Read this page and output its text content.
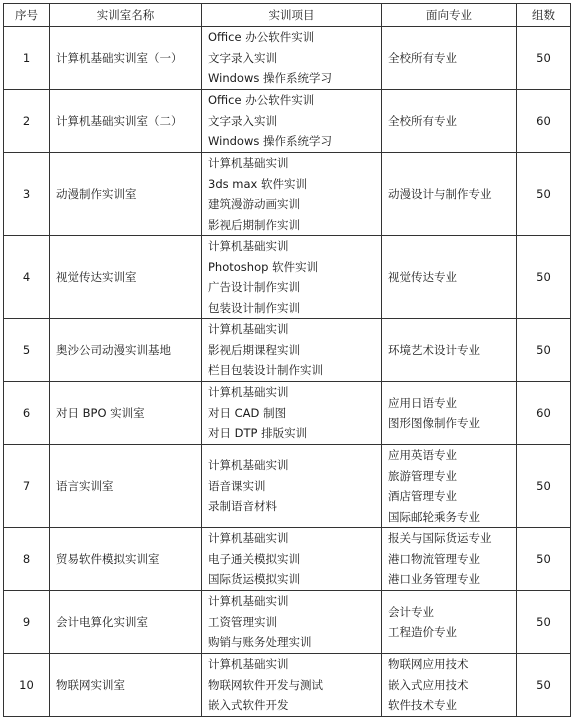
序号	实训室名称	实训项目	面向专业	组数
1	计算机基础实训室（一）	Office 办公软件实训
文字录入实训
Windows 操作系统学习	全校所有专业	50
2	计算机基础实训室（二）	Office 办公软件实训
文字录入实训
Windows 操作系统学习	全校所有专业	60
3	动漫制作实训室	计算机基础实训
3ds max 软件实训
建筑漫游动画实训
影视后期制作实训	动漫设计与制作专业	50
4	视觉传达实训室	计算机基础实训
Photoshop 软件实训
广告设计制作实训
包装设计制作实训	视觉传达专业	50
5	奥沙公司动漫实训基地	计算机基础实训
影视后期课程实训
栏目包装设计制作实训	环境艺术设计专业	50
6	对日 BPO 实训室	计算机基础实训
对日 CAD 制图
对日 DTP 排版实训	应用日语专业
图形图像制作专业	60
7	语言实训室	计算机基础实训
语音课实训
录制语音材料	应用英语专业
旅游管理专业
酒店管理专业
国际邮轮乘务专业	50
8	贸易软件模拟实训室	计算机基础实训
电子通关模拟实训
国际货运模拟实训	报关与国际货运专业
港口物流管理专业
港口业务管理专业	50
9	会计电算化实训室	计算机基础实训
工资管理实训
购销与账务处理实训	会计专业
工程造价专业	50
10	物联网实训室	计算机基础实训
物联网软件开发与测试
嵌入式软件开发	物联网应用技术
嵌入式应用技术
软件技术专业	50
